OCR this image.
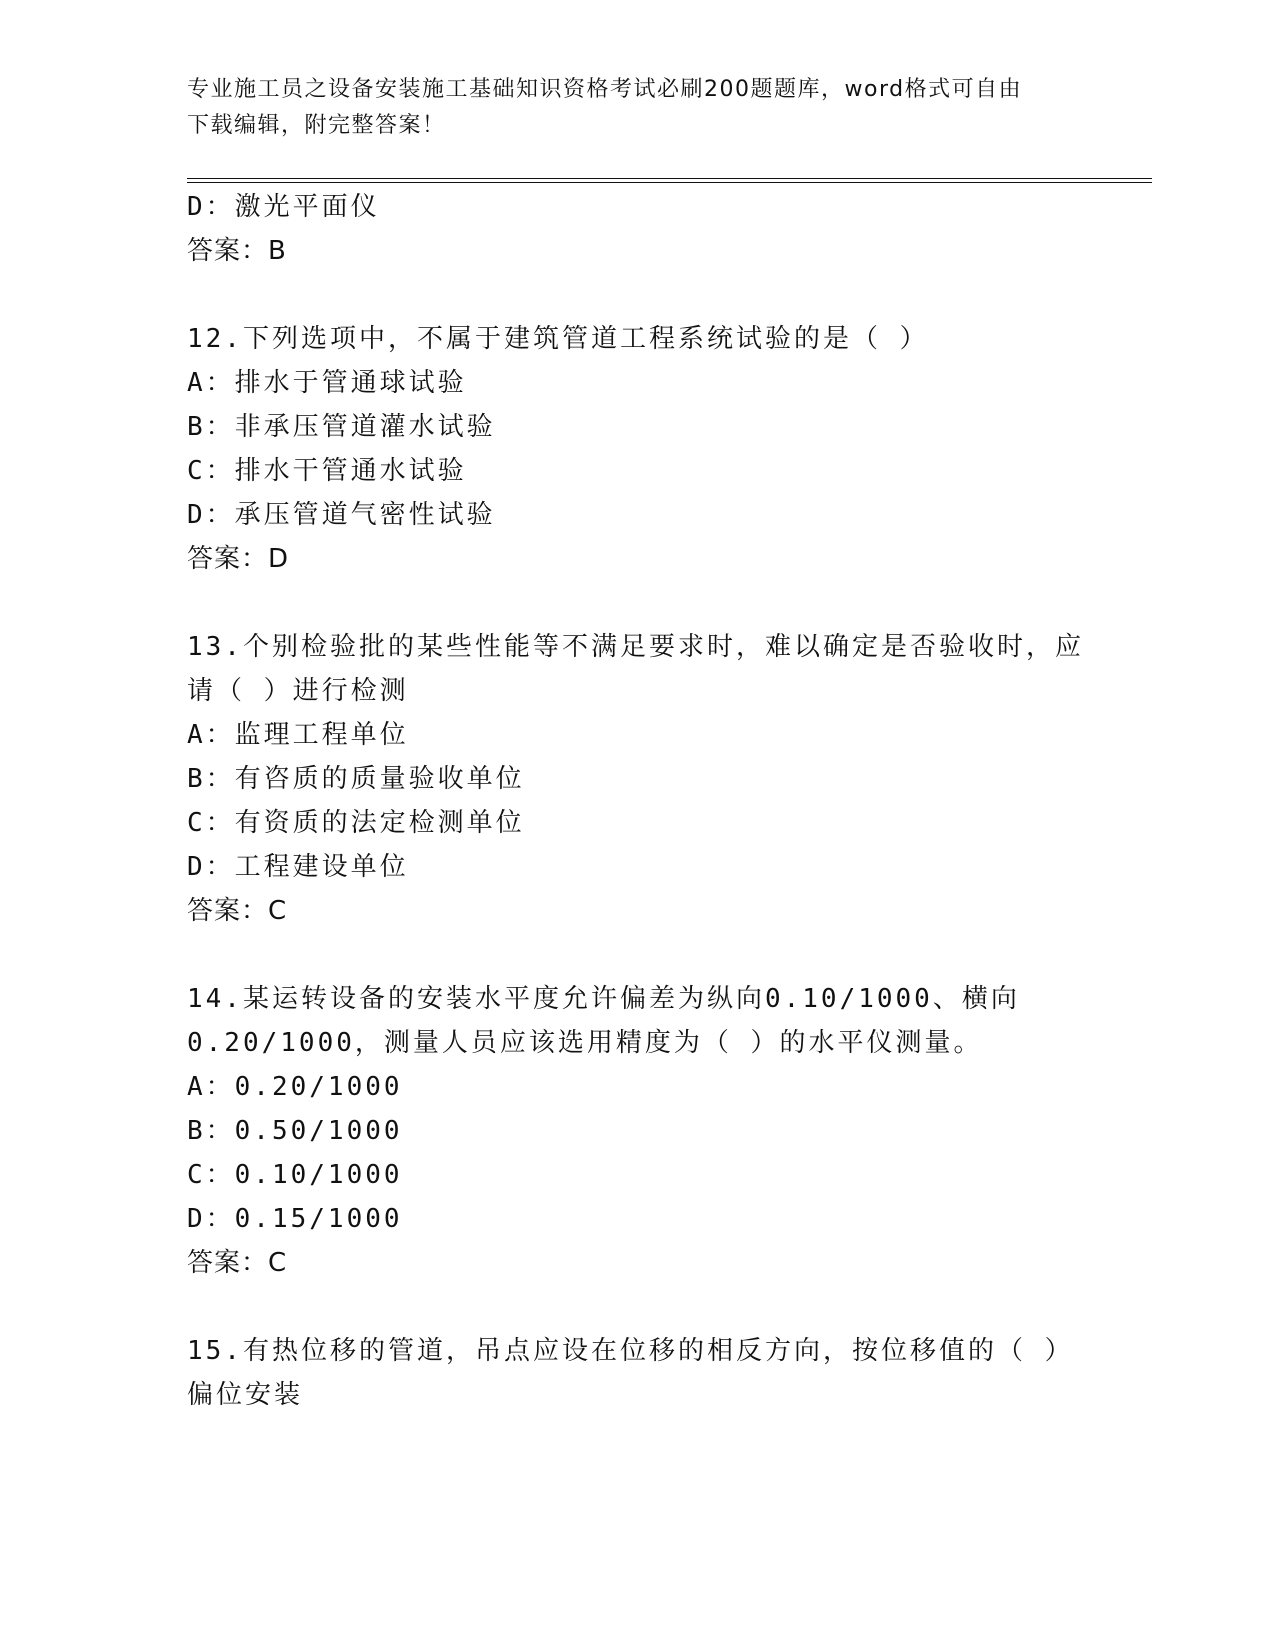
专业施工员之设备安装施工基础知识资格考试必刷200题题库，word格式可自由
下载编辑，附完整答案！
D：激光平面仪
答案：B
12.下列选项中，不属于建筑管道工程系统试验的是（ ）
A：排水于管通球试验
B：非承压管道灌水试验
C：排水干管通水试验
D：承压管道气密性试验
答案：D
13.个别检验批的某些性能等不满足要求时，难以确定是否验收时，应
请（ ）进行检测
A：监理工程单位
B：有咨质的质量验收单位
C：有资质的法定检测单位
D：工程建设单位
答案：C
14.某运转设备的安装水平度允许偏差为纵向0.10/1000、横向
0.20/1000，测量人员应该选用精度为（ ）的水平仪测量。
A：0.20/1000
B：0.50/1000
C：0.10/1000
D：0.15/1000
答案：C
15.有热位移的管道，吊点应设在位移的相反方向，按位移值的（ ）
偏位安装
